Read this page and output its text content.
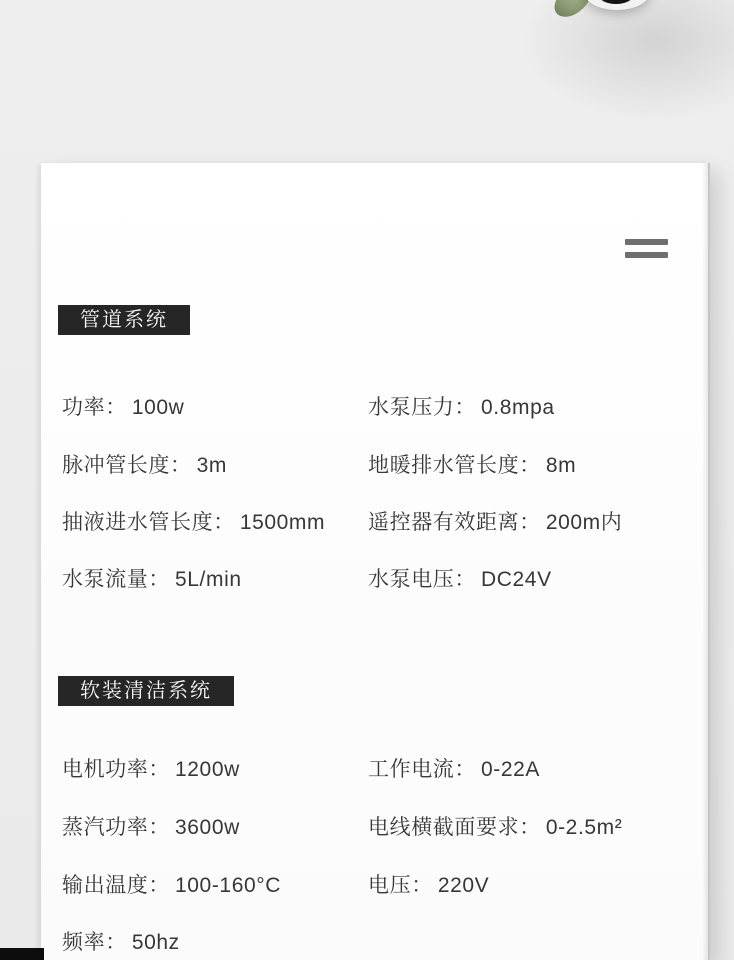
管道系统
功率： 100w	水泵压力： 0.8mpa
脉冲管长度： 3m	地暖排水管长度： 8m
抽液进水管长度： 1500mm 遥控器有效距离： 200m内
水泵流量： 5L/min	水泵电压： DC24V
软装清洁系统
电机功率： 1200w	工作电流： 0-22A
蒸汽功率： 3600w	电线横截面要求： 0-2.5m²
输出温度： 100-160°C	电压： 220V
频率： 50hz
